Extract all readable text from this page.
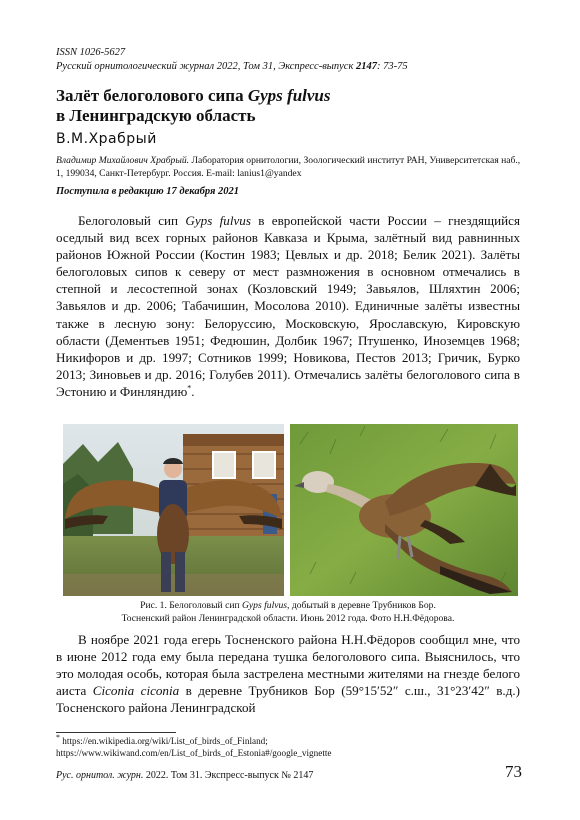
ISSN 1026-5627
Русский орнитологический журнал 2022, Том 31, Экспресс-выпуск 2147: 73-75
Залёт белоголового сипа Gyps fulvus
в Ленинградскую область
В.М.Храбрый
Владимир Михайлович Храбрый. Лаборатория орнитологии, Зоологический институт РАН, Университетская наб., 1, 199034, Санкт-Петербург. Россия. E-mail: lanius1@yandex
Поступила в редакцию 17 декабря 2021

Белоголовый сип Gyps fulvus в европейской части России – гнездящийся оседлый вид всех горных районов Кавказа и Крыма, залётный вид равнинных районов Южной России (Костин 1983; Цевлых и др. 2018; Белик 2021). Залёты белоголовых сипов к северу от мест размножения в основном отмечались в степной и лесостепной зонах (Козловский 1949; Завьялов, Шляхтин 2006; Завьялов и др. 2006; Табачишин, Мосолова 2010). Единичные залёты известны также в лесную зону: Белоруссию, Московскую, Ярославскую, Кировскую области (Дементьев 1951; Федюшин, Долбик 1967; Птушенко, Иноземцев 1968; Никифоров и др. 1997; Сотников 1999; Новикова, Пестов 2013; Гричик, Бурко 2013; Зиновьев и др. 2016; Голубев 2011). Отмечались залёты белоголового сипа в Эстонию и Финляндию*.

Рис. 1. Белоголовый сип Gyps fulvus, добытый в деревне Трубников Бор.
Тосненский район Ленинградской области. Июнь 2012 года. Фото Н.Н.Фёдорова.

В ноябре 2021 года егерь Тосненского района Н.Н.Фёдоров сообщил мне, что в июне 2012 года ему была передана тушка белоголового сипа. Выяснилось, что это молодая особь, которая была застрелена местными жителями на гнезде белого аиста Ciconia ciconia в деревне Трубников Бор (59°15′52″ с.ш., 31°23′42″ в.д.) Тосненского района Ленинградской

* https://en.wikipedia.org/wiki/List_of_birds_of_Finland;
https://www.wikiwand.com/en/List_of_birds_of_Estonia#/google_vignette
Рус. орнитол. журн. 2022. Том 31. Экспресс-выпуск № 2147	73
